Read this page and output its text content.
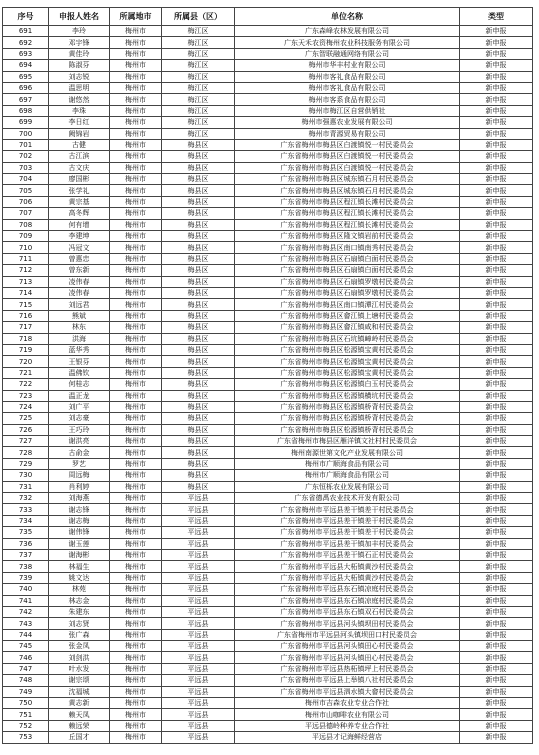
序号	申报人姓名	所属地市	所属县（区）	单位名称	类型
691	李玲	梅州市	梅江区	广东森峰农林发展有限公司	新申报
692	邓宇锋	梅州市	梅江区	广东天禾农资梅州农业科技服务有限公司	新申报
693	黄佳玲	梅州市	梅江区	广东智联融通网络有限公司	新申报
694	陈淑芬	梅州市	梅江区	梅州市华丰村业有限公司	新申报
695	刘志锐	梅州市	梅江区	梅州市客礼食品有限公司	新申报
696	温思明	梅州市	梅江区	梅州市客礼食品有限公司	新申报
697	谢悠然	梅州市	梅江区	梅州市客系食品有限公司	新申报
698	李珠	梅州市	梅江区	梅州市梅江区自营供销社	新申报
699	李日红	梅州市	梅江区	梅州市强惠农业发展有限公司	新申报
700	阙锦岩	梅州市	梅江区	梅州市青源贸易有限公司	新申报
701	古健	梅州市	梅县区	广东省梅州市梅县区白渡镇悦一村民委员会	新申报
702	古江滨	梅州市	梅县区	广东省梅州市梅县区白渡镇悦一村民委员会	新申报
703	古文庆	梅州市	梅县区	广东省梅州市梅县区白渡镇悦一村民委员会	新申报
704	廖国彬	梅州市	梅县区	广东省梅州市梅县区城东镇石月村民委员会	新申报
705	张学礼	梅州市	梅县区	广东省梅州市梅县区城东镇石月村民委员会	新申报
706	黄宗基	梅州市	梅县区	广东省梅州市梅县区程江镇长滩村民委员会	新申报
707	高冬辉	梅州市	梅县区	广东省梅州市梅县区程江镇长滩村民委员会	新申报
708	何有增	梅州市	梅县区	广东省梅州市梅县区程江镇长滩村民委员会	新申报
709	李建坤	梅州市	梅县区	广东省梅州市梅县区隆文镇岩前村民委员会	新申报
710	冯冠文	梅州市	梅县区	广东省梅州市梅县区南口镇南秀村民委员会	新申报
711	曾惠忠	梅州市	梅县区	广东省梅州市梅县区石扇镇白面村民委员会	新申报
712	曾东新	梅州市	梅县区	广东省梅州市梅县区石扇镇白面村民委员会	新申报
713	凌伟春	梅州市	梅县区	广东省梅州市梅县区石扇镇罗墩村民委员会	新申报
714	凌伟春	梅州市	梅县区	广东省梅州市梅县区石扇镇罗墩村民委员会	新申报
715	刘远君	梅州市	梅县区	广东省梅州市梅县区南口镇潭江村民委员会	新申报
716	熊斌	梅州市	梅县区	广东省梅州市梅县区畲江镇上塘村民委员会	新申报
717	林东	梅州市	梅县区	广东省梅州市梅县区畲江镇咸和村民委员会	新申报
718	洪海	梅州市	梅县区	广东省梅州市梅县区石坑镇嶂岭村民委员会	新申报
719	蓝华秀	梅州市	梅县区	广东省梅州市梅县区松源镇宝黄村民委员会	新申报
720	王银芬	梅州市	梅县区	广东省梅州市梅县区松源镇宝黄村民委员会	新申报
721	温佛钦	梅州市	梅县区	广东省梅州市梅县区松源镇宝黄村民委员会	新申报
722	何桂志	梅州市	梅县区	广东省梅州市梅县区松源镇白玉村民委员会	新申报
723	温正龙	梅州市	梅县区	广东省梅州市梅县区松源镇横坑村民委员会	新申报
724	刘广平	梅州市	梅县区	广东省梅州市梅县区松源镇桥背村民委员会	新申报
725	刘志豪	梅州市	梅县区	广东省梅州市梅县区松源镇桥背村民委员会	新申报
726	王巧玲	梅州市	梅县区	广东省梅州市梅县区松源镇桥背村民委员会	新申报
727	谢洪亮	梅州市	梅县区	广东省梅州市梅县区雁洋镇文社村村民委员会	新申报
728	古俞金	梅州市	梅县区	梅州南源世第文化产业发展有限公司	新申报
729	罗艺	梅州市	梅县区	梅州市广顺海食品有限公司	新申报
730	周远梅	梅州市	梅县区	梅州市广顺海食品有限公司	新申报
731	肖利婷	梅州市	梅县区	广东恒栎农业发展有限公司	新申报
732	刘海燕	梅州市	平远县	广东省德禹农业技术开发有限公司	新申报
733	谢志锋	梅州市	平远县	广东省梅州市平远县差干镇差干村民委员会	新申报
734	谢志梅	梅州市	平远县	广东省梅州市平远县差干镇差干村民委员会	新申报
735	谢伟锋	梅州市	平远县	广东省梅州市平远县差干镇差干村民委员会	新申报
736	谢玉莲	梅州市	平远县	广东省梅州市平远县差干镇加丰村民委员会	新申报
737	谢海彬	梅州市	平远县	广东省梅州市平远县差干镇石正村民委员会	新申报
738	林福生	梅州市	平远县	广东省梅州市平远县大柘镇黄沙村民委员会	新申报
739	姚文达	梅州市	平远县	广东省梅州市平远县大柘镇黄沙村民委员会	新申报
740	林苑	梅州市	平远县	广东省梅州市平远县东石镇凉庭村民委员会	新申报
741	林志金	梅州市	平远县	广东省梅州市平远县东石镇凉庭村民委员会	新申报
742	朱建东	梅州市	平远县	广东省梅州市平远县东石镇双石村民委员会	新申报
743	刘志贤	梅州市	平远县	广东省梅州市平远县河头镇坝田村民委员会	新申报
744	张广森	梅州市	平远县	广东省梅州市平远县河头镇坝田口村民委员会	新申报
745	张金凤	梅州市	平远县	广东省梅州市平远县河头镇田心村民委员会	新申报
746	刘剑洪	梅州市	平远县	广东省梅州市平远县河头镇田心村民委员会	新申报
747	叶水发	梅州市	平远县	广东省梅州市平远县热柘镇坪上村民委员会	新申报
748	谢宗颂	梅州市	平远县	广东省梅州市平远县上举镇八社村民委员会	新申报
749	沈福城	梅州市	平远县	广东省梅州市平远县泗水镇大畲村民委员会	新申报
750	黄志新	梅州市	平远县	梅州市吉森农业专业合作社	新申报
751	赖天凤	梅州市	平远县	梅州市山咖啡农业有限公司	新申报
752	赖远荣	梅州市	平远县	平远县德岭种养专业合作社	新申报
753	丘国才	梅州市	平远县	平远县才记海鲜经营店	新申报
